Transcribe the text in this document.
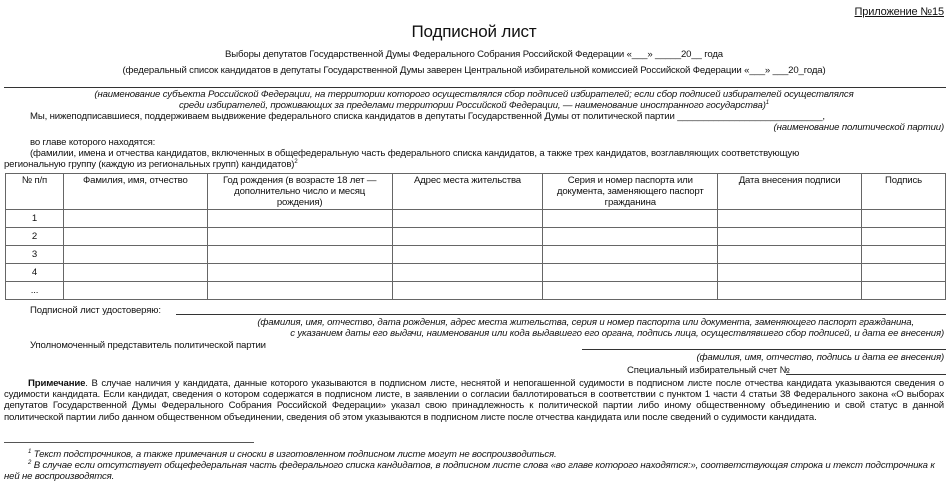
Приложение №15
Подписной лист
Выборы депутатов Государственной Думы Федерального Собрания Российской Федерации «___» _____20__ года
(федеральный список кандидатов в депутаты Государственной Думы заверен Центральной избирательной комиссией Российской Федерации «___» ___20_года)
(наименование субъекта Российской Федерации, на территории которого осуществлялся сбор подписей избирателей; если сбор подписей избирателей осуществлялся
среди избирателей, проживающих за пределами территории Российской Федерации, — наименование иностранного государства)$^1$
Мы, нижеподписавшиеся, поддерживаем выдвижение федерального списка кандидатов в депутаты Государственной Думы от политической партии ____________________________,
(наименование политической партии)
во главе которого находятся:
(фамилии, имена и отчества кандидатов, включенных в общефедеральную часть федерального списка кандидатов, а также трех кандидатов, возглавляющих соответствующую
региональную группу (каждую из региональных групп) кандидатов)$^2$
№ п/п	Фамилия, имя, отчество	Год рождения (в возрасте 18 лет — дополнительно число и месяц рождения)	Адрес места жительства	Серия и номер паспорта или документа, заменяющего паспорт гражданина	Дата внесения подписи	Подпись
1						
2						
3						
4						
...						
Подписной лист удостоверяю:
(фамилия, имя, отчество, дата рождения, адрес места жительства, серия и номер паспорта или документа, заменяющего паспорт гражданина,
с указанием даты его выдачи, наименования или кода выдавшего его органа, подпись лица, осуществлявшего сбор подписей, и дата ее внесения)
Уполномоченный представитель политической партии
(фамилия, имя, отчество, подпись и дата ее внесения)
Специальный избирательный счет №
Примечание. В случае наличия у кандидата, данные которого указываются в подписном листе, неснятой и непогашенной судимости в подписном листе после отчества кандидата указываются сведения о судимости кандидата. Если кандидат, сведения о котором содержатся в подписном листе, в заявлении о согласии баллотироваться в соответствии с пунктом 1 части 4 статьи 38 Федерального закона «О выборах депутатов Государственной Думы Федерального Собрания Российской Федерации» указал свою принадлежность к политической партии либо иному общественному объединению и свой статус в данной политической партии либо данном общественном объединении, сведения об этом указываются в подписном листе после отчества кандидата или после сведений о судимости кандидата.
$^1$ Текст подстрочников, а также примечания и сноски в изготовленном подписном листе могут не воспроизводиться.
$^2$ В случае если отсутствует общефедеральная часть федерального списка кандидатов, в подписном листе слова «во главе которого находятся:», соответствующая строка и текст подстрочника к ней не воспроизводятся.
